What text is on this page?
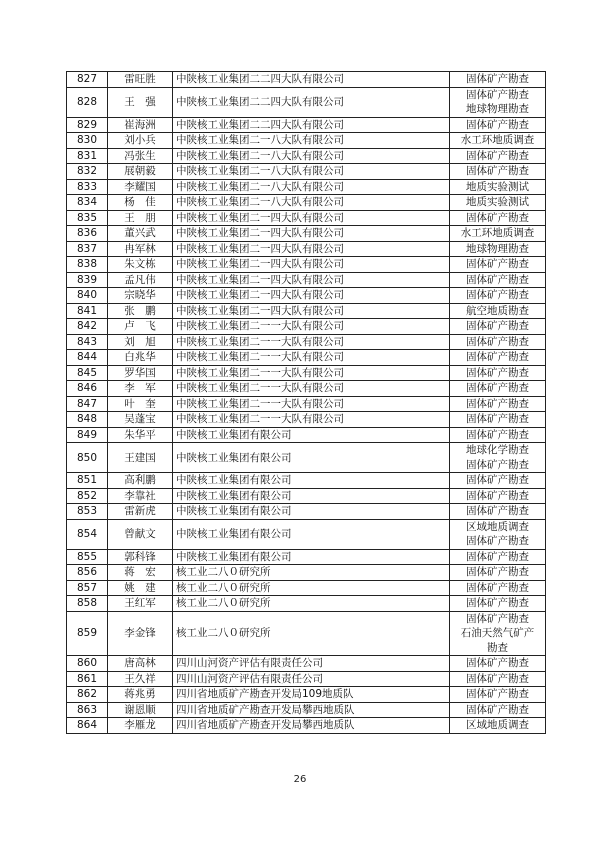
827	雷旺胜	中陕核工业集团二二四大队有限公司	固体矿产勘查

828	王　强	中陕核工业集团二二四大队有限公司	固体矿产勘查
地球物理勘查

829	崔海洲	中陕核工业集团二二四大队有限公司	固体矿产勘查

830	刘小兵	中陕核工业集团二一八大队有限公司	水工环地质调查

831	冯张生	中陕核工业集团二一八大队有限公司	固体矿产勘查

832	展朝毅	中陕核工业集团二一八大队有限公司	固体矿产勘查

833	李耀国	中陕核工业集团二一八大队有限公司	地质实验测试

834	杨　佳	中陕核工业集团二一八大队有限公司	地质实验测试

835	王　朋	中陕核工业集团二一四大队有限公司	固体矿产勘查

836	董兴武	中陕核工业集团二一四大队有限公司	水工环地质调查

837	冉军林	中陕核工业集团二一四大队有限公司	地球物理勘查

838	朱文栋	中陕核工业集团二一四大队有限公司	固体矿产勘查

839	孟凡伟	中陕核工业集团二一四大队有限公司	固体矿产勘查

840	宗晓华	中陕核工业集团二一四大队有限公司	固体矿产勘查

841	张　鹏	中陕核工业集团二一四大队有限公司	航空地质勘查

842	卢　飞	中陕核工业集团二一一大队有限公司	固体矿产勘查

843	刘　旭	中陕核工业集团二一一大队有限公司	固体矿产勘查

844	白兆华	中陕核工业集团二一一大队有限公司	固体矿产勘查

845	罗华国	中陕核工业集团二一一大队有限公司	固体矿产勘查

846	李　军	中陕核工业集团二一一大队有限公司	固体矿产勘查

847	叶　奎	中陕核工业集团二一一大队有限公司	固体矿产勘查

848	吴蓬宝	中陕核工业集团二一一大队有限公司	固体矿产勘查

849	朱华平	中陕核工业集团有限公司	固体矿产勘查

850	王建国	中陕核工业集团有限公司	地球化学勘查
固体矿产勘查

851	高利鹏	中陕核工业集团有限公司	固体矿产勘查

852	李靠社	中陕核工业集团有限公司	固体矿产勘查

853	雷新虎	中陕核工业集团有限公司	固体矿产勘查

854	曾献文	中陕核工业集团有限公司	区域地质调查
固体矿产勘查

855	郭科锋	中陕核工业集团有限公司	固体矿产勘查

856	蒋　宏	核工业二八０研究所	固体矿产勘查

857	姚　建	核工业二八０研究所	固体矿产勘查

858	王红军	核工业二八０研究所	固体矿产勘查

859	李金锋	核工业二八０研究所	固体矿产勘查
石油天然气矿产
勘查

860	唐高林	四川山河资产评估有限责任公司	固体矿产勘查

861	王久祥	四川山河资产评估有限责任公司	固体矿产勘查

862	蒋兆勇	四川省地质矿产勘查开发局109地质队	固体矿产勘查

863	谢恩顺	四川省地质矿产勘查开发局攀西地质队	固体矿产勘查

864	李雁龙	四川省地质矿产勘查开发局攀西地质队	区域地质调查
26
